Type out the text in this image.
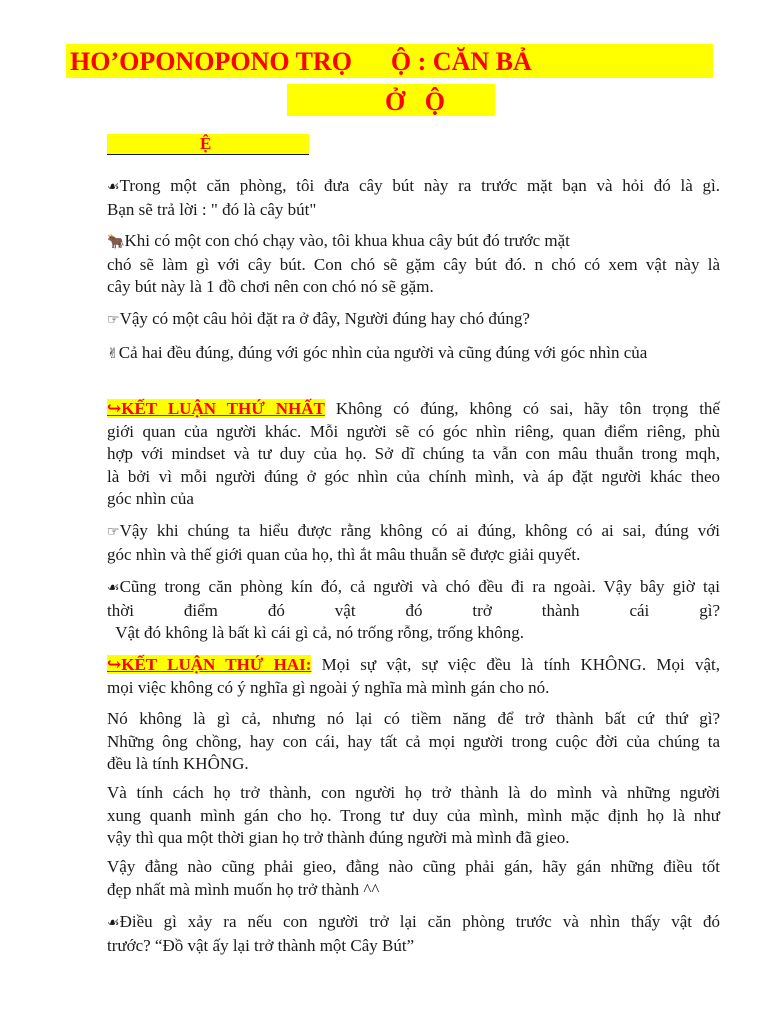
HO’OPONOPONO TRỌ      Ộ : CĂN BẢ
Ở   Ộ
Ệ
☙Trong một căn phòng, tôi đưa cây bút này ra trước mặt bạn và hỏi đó là gì.
Bạn sẽ trả lời : " đó là cây bút"
🐂Khi có một con chó chạy vào, tôi khua khua cây bút đó trước mặt
chó sẽ làm gì với cây bút. Con chó sẽ gặm cây bút đó. n chó có xem vật này là
cây bút này là 1 đồ chơi nên con chó nó sẽ gặm.
☞Vậy có một câu hỏi đặt ra ở đây, Người đúng hay chó đúng?
✌Cả hai đều đúng, đúng với góc nhìn của người và cũng đúng với góc nhìn của
↪KẾT LUẬN THỨ NHẤT Không có đúng, không có sai, hãy tôn trọng thế
giới quan của người khác. Mỗi người sẽ có góc nhìn riêng, quan điểm riêng, phù
hợp với mindset và tư duy của họ. Sở dĩ chúng ta vẫn con mâu thuẫn trong mqh,
là bởi vì mỗi người đúng ở góc nhìn của chính mình, và áp đặt người khác theo
góc nhìn của
☞Vậy khi chúng ta hiểu được rằng không có ai đúng, không có ai sai, đúng với
góc nhìn và thế giới quan của họ, thì ắt mâu thuẫn sẽ được giải quyết.
☙Cũng trong căn phòng kín đó, cả người và chó đều đi ra ngoài. Vậy bây giờ tại
thời điểm đó vật đó trở thành cái gì?
Vật đó không là bất kì cái gì cả, nó trống rỗng, trống không.
↪KẾT LUẬN THỨ HAI: Mọi sự vật, sự việc đều là tính KHÔNG. Mọi vật,
mọi việc không có ý nghĩa gì ngoài ý nghĩa mà mình gán cho nó.
Nó không là gì cả, nhưng nó lại có tiềm năng để trở thành bất cứ thứ gì?
Những ông chồng, hay con cái, hay tất cả mọi người trong cuộc đời của chúng ta
đều là tính KHÔNG.
Và tính cách họ trở thành, con người họ trở thành là do mình và những người
xung quanh mình gán cho họ. Trong tư duy của mình, mình mặc định họ là như
vậy thì qua một thời gian họ trở thành đúng người mà mình đã gieo.
Vậy đằng nào cũng phải gieo, đằng nào cũng phải gán, hãy gán những điều tốt
đẹp nhất mà mình muốn họ trở thành ^^
☙Điều gì xảy ra nếu con người trở lại căn phòng trước và nhìn thấy vật đó
trước? “Đồ vật ấy lại trở thành một Cây Bút”
